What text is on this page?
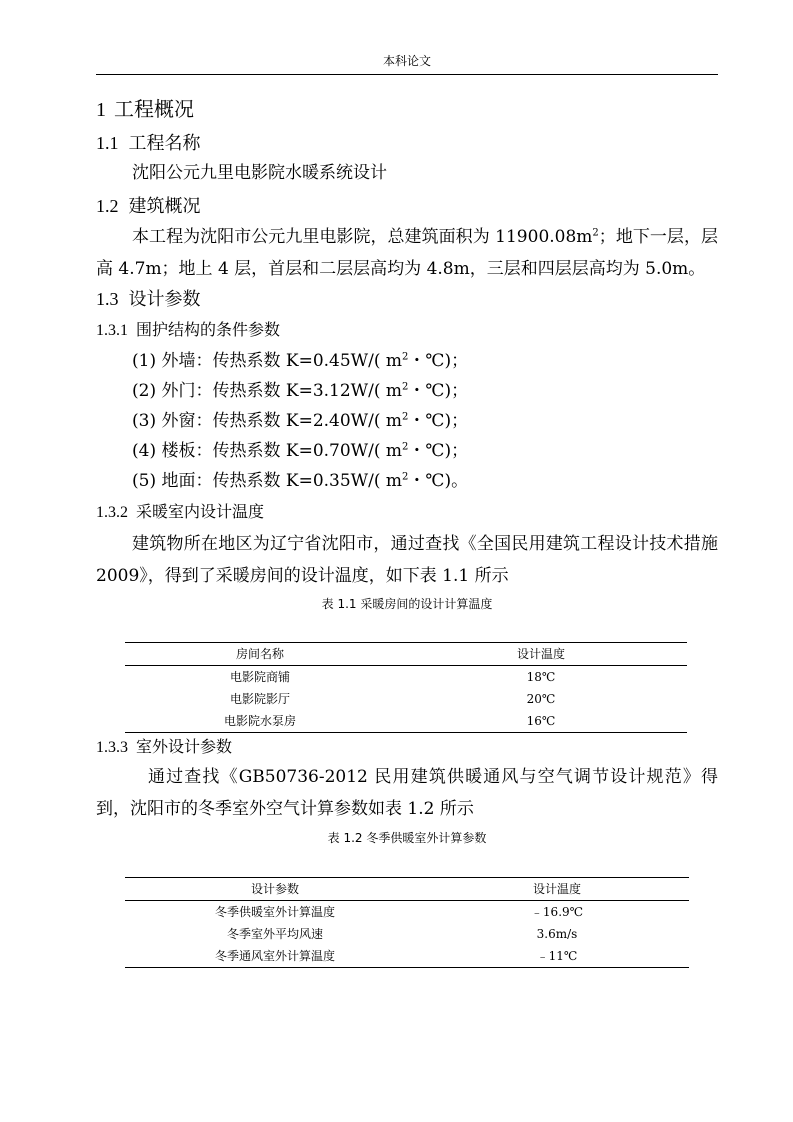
本科论文
1 工程概况
1.1 工程名称
沈阳公元九里电影院水暖系统设计
1.2 建筑概况
本工程为沈阳市公元九里电影院，总建筑面积为 $11900.08m^2$；地下一层，层高 4.7m；地上 4 层，首层和二层层高均为 4.8m，三层和四层层高均为 5.0m。
1.3 设计参数
1.3.1 围护结构的条件参数
(1) 外墙：传热系数 K=0.45W/( $m^2$・℃)；
(2) 外门：传热系数 K=3.12W/( $m^2$・℃)；
(3) 外窗：传热系数 K=2.40W/( $m^2$・℃)；
(4) 楼板：传热系数 K=0.70W/( $m^2$・℃)；
(5) 地面：传热系数 K=0.35W/( $m^2$・℃)。
1.3.2 采暖室内设计温度
建筑物所在地区为辽宁省沈阳市，通过查找《全国民用建筑工程设计技术措施 2009》，得到了采暖房间的设计温度，如下表 1.1 所示
表 1.1 采暖房间的设计计算温度
房间名称	设计温度
电影院商铺	18℃
电影院影厅	20℃
电影院水泵房	16℃
1.3.3 室外设计参数
通过查找《GB50736-2012 民用建筑供暖通风与空气调节设计规范》得到，沈阳市的冬季室外空气计算参数如表 1.2 所示
表 1.2 冬季供暖室外计算参数
设计参数	设计温度
冬季供暖室外计算温度	﹣16.9℃
冬季室外平均风速	3.6m/s
冬季通风室外计算温度	﹣11℃
